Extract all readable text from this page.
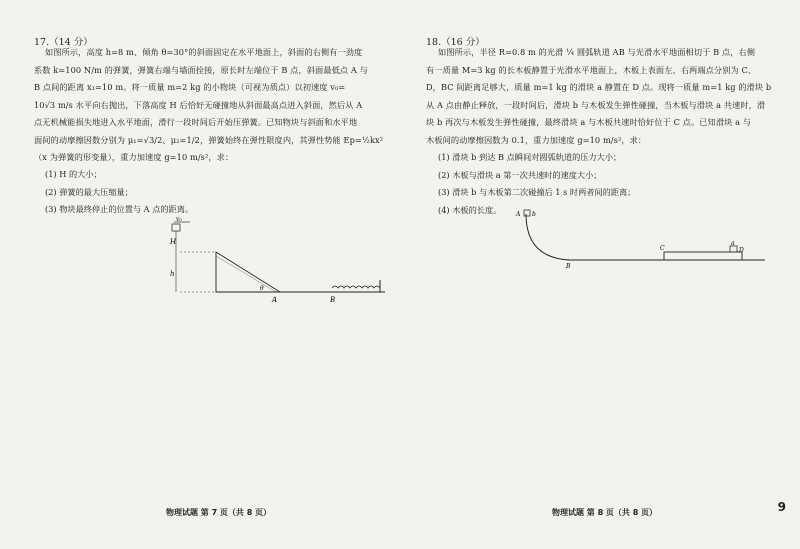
17.（14 分）

如图所示，高度 h=8 m、倾角 θ=30°的斜面固定在水平地面上，斜面的右侧有一劲度

系数 k=100 N/m 的弹簧，弹簧右端与墙面拴接，原长时左端位于 B 点，斜面最低点 A 与

B 点间的距离 x₁=10 m。将一质量 m=2 kg 的小物块（可视为质点）以初速度 v₀=

10√3 m/s 水平向右抛出，下落高度 H 后恰好无碰撞地从斜面最高点进入斜面，然后从 A

点无机械能损失地进入水平地面，滑行一段时间后开始压弹簧。已知物块与斜面和水平地

面间的动摩擦因数分别为 μ₁=√3/2、μ₂=1/2，弹簧始终在弹性限度内，其弹性势能 Ep=½kx²

（x 为弹簧的形变量），重力加速度 g=10 m/s²，求：

(1) H 的大小；

(2) 弹簧的最大压缩量；

(3) 物块最终停止的位置与 A 点的距离。

v₀
H
h
θ
A	B
物理试题 第 7 页（共 8 页）
18.（16 分）

如图所示，半径 R=0.8 m 的光滑 ¼ 圆弧轨道 AB 与光滑水平地面相切于 B 点，右侧

有一质量 M=3 kg 的长木板静置于光滑水平地面上，木板上表面左、右两端点分别为 C、

D，BC 间距离足够大，质量 m=1 kg 的滑块 a 静置在 D 点。现将一质量 m=1 kg 的滑块 b

从 A 点由静止释放，一段时间后，滑块 b 与木板发生弹性碰撞，当木板与滑块 a 共速时，滑

块 b 再次与木板发生弹性碰撞，最终滑块 a 与木板共速时恰好位于 C 点。已知滑块 a 与

木板间的动摩擦因数为 0.1，重力加速度 g=10 m/s²，求：

(1) 滑块 b 到达 B 点瞬间对圆弧轨道的压力大小；

(2) 木板与滑块 a 第一次共速时的速度大小；

(3) 滑块 b 与木板第二次碰撞后 1 s 时两者间的距离；

(4) 木板的长度。	A b
B
C
a
D
物理试题 第 8 页（共 8 页）	9
